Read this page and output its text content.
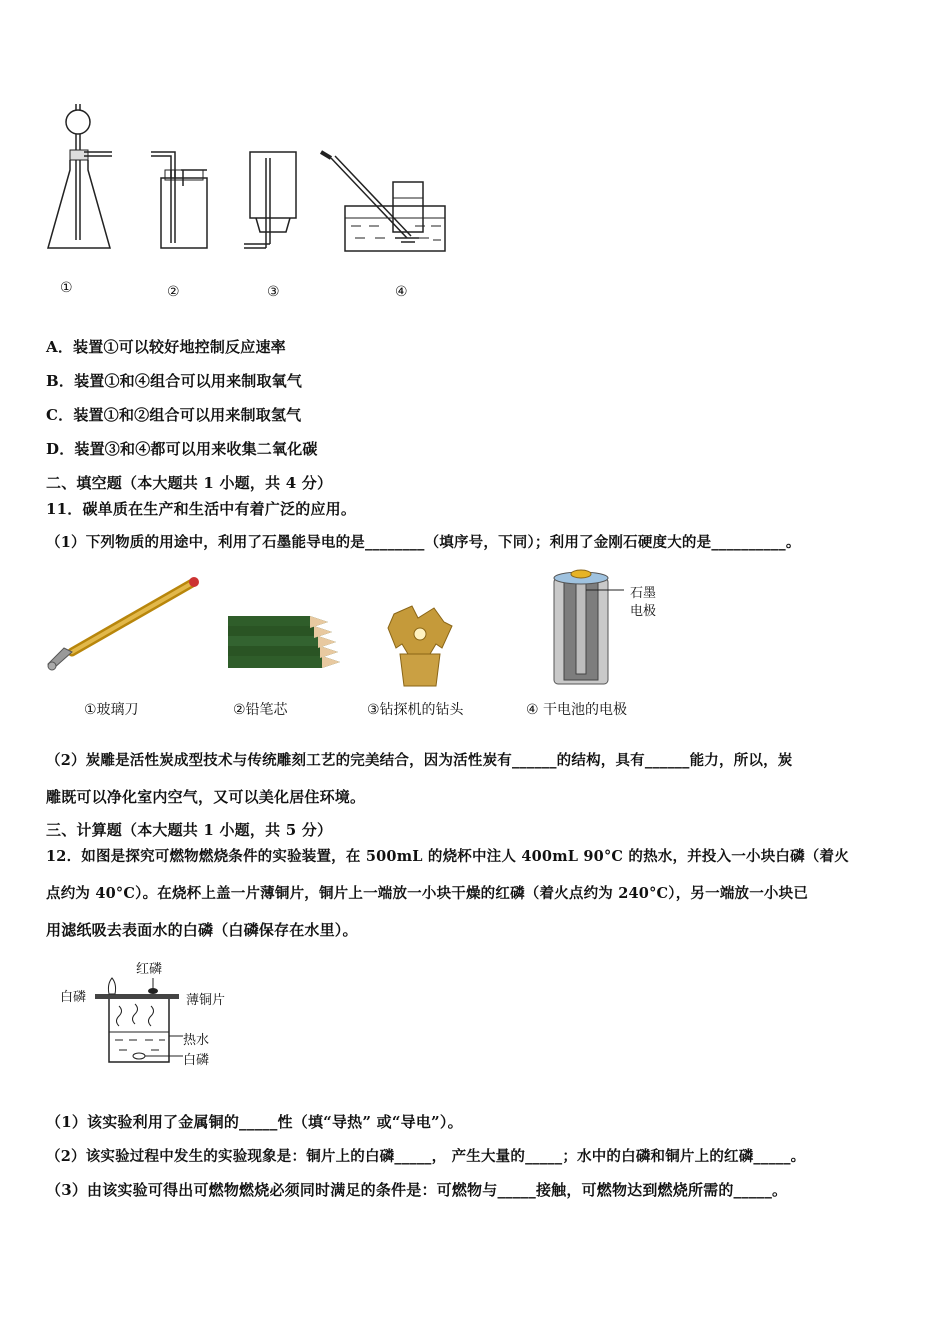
①	②	③	④
A．装置①可以较好地控制反应速率
B．装置①和④组合可以用来制取氧气
C．装置①和②组合可以用来制取氢气
D．装置③和④都可以用来收集二氧化碳
二、填空题（本大题共 1 小题，共 4 分）
11．碳单质在生产和生活中有着广泛的应用。
（1）下列物质的用途中，利用了石墨能导电的是________（填序号，下同）；利用了金刚石硬度大的是__________。
石墨
电极
①玻璃刀	②铅笔芯	③钻探机的钻头	④ 干电池的电极
（2）炭雕是活性炭成型技术与传统雕刻工艺的完美结合，因为活性炭有______的结构，具有______能力，所以，炭
雕既可以净化室内空气，又可以美化居住环境。
三、计算题（本大题共 1 小题，共 5 分）
12．如图是探究可燃物燃烧条件的实验装置，在 500mL 的烧杯中注人 400mL 90°C 的热水，并投入一小块白磷（着火
点约为 40°C）。在烧杯上盖一片薄铜片，铜片上一端放一小块干燥的红磷（着火点约为 240°C），另一端放一小块已
用滤纸吸去表面水的白磷（白磷保存在水里）。
红磷
白磷	薄铜片
热水
白磷
（1）该实验利用了金属铜的_____性（填“导热” 或“导电”）。
（2）该实验过程中发生的实验现象是：铜片上的白磷_____， 产生大量的_____；水中的白磷和铜片上的红磷_____。
（3）由该实验可得出可燃物燃烧必须同时满足的条件是：可燃物与_____接触，可燃物达到燃烧所需的_____。
